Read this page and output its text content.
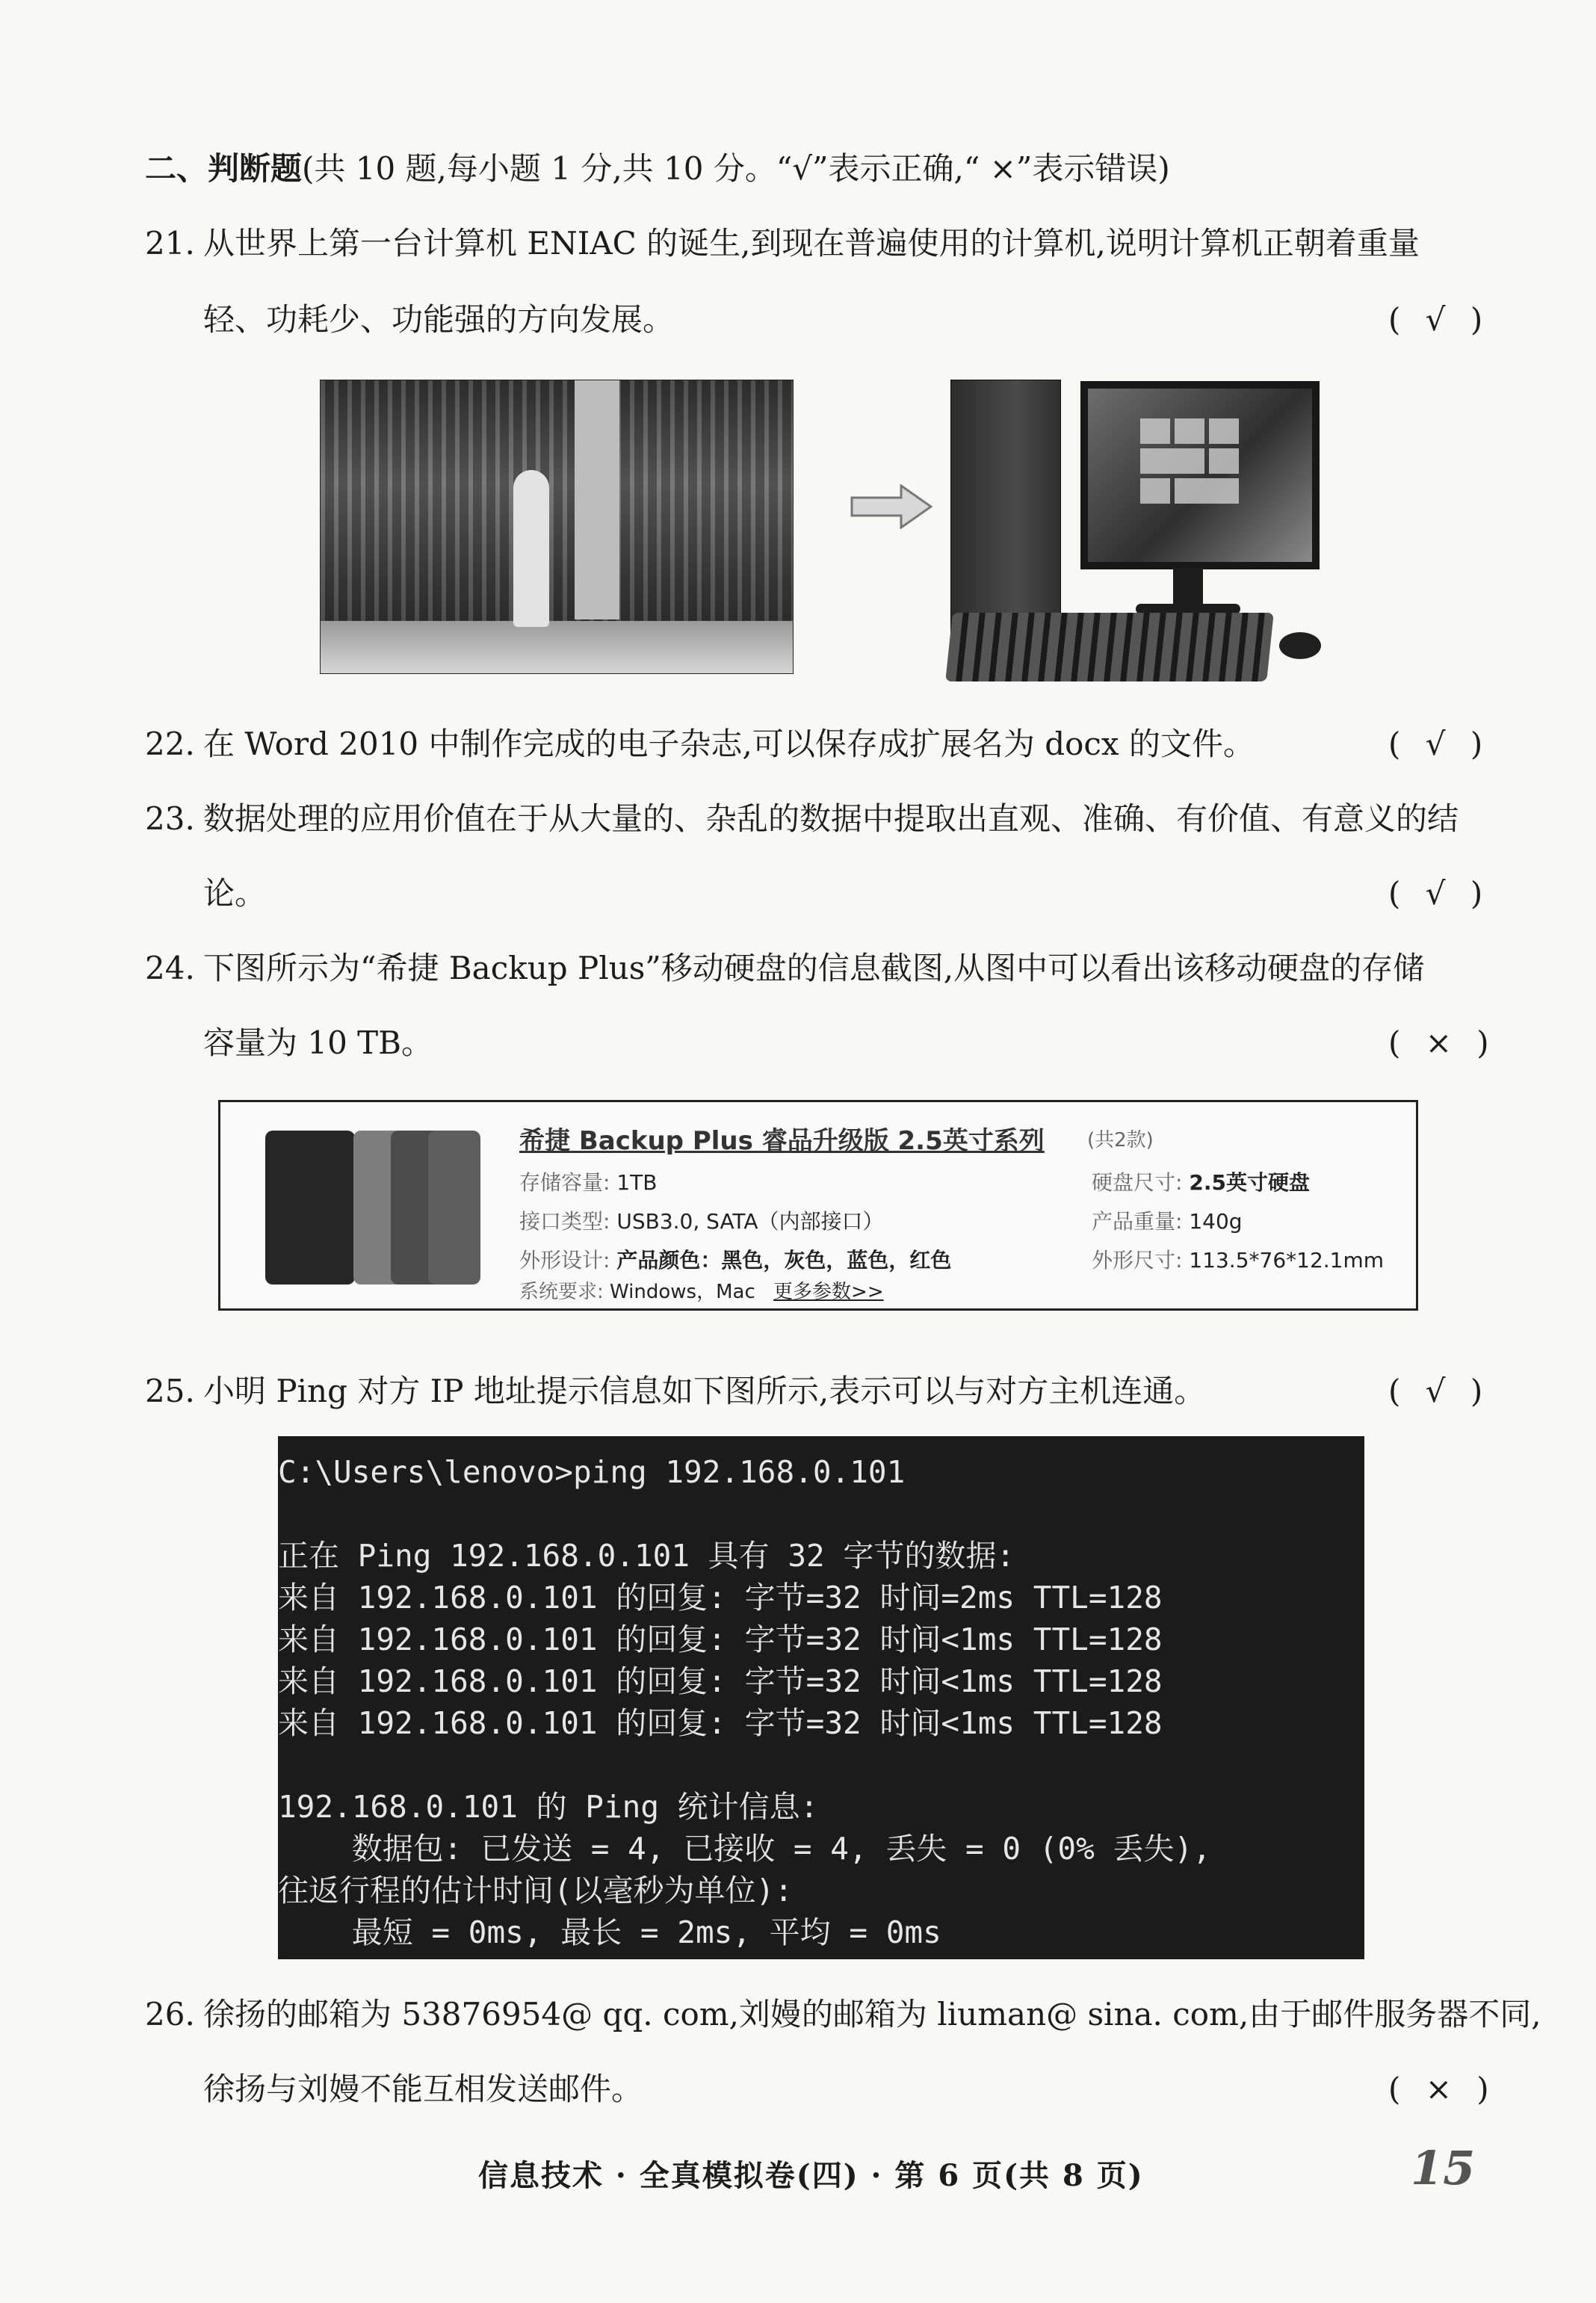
二、判断题(共 10 题,每小题 1 分,共 10 分。“√”表示正确,“ ×”表示错误)
21. 从世界上第一台计算机 ENIAC 的诞生,到现在普遍使用的计算机,说明计算机正朝着重量
轻、功耗少、功能强的方向发展。	( √ )
22. 在 Word 2010 中制作完成的电子杂志,可以保存成扩展名为 docx 的文件。	( √ )
23. 数据处理的应用价值在于从大量的、杂乱的数据中提取出直观、准确、有价值、有意义的结
论。	( √ )
24. 下图所示为“希捷 Backup Plus”移动硬盘的信息截图,从图中可以看出该移动硬盘的存储
容量为 10 TB。	( × )
希捷 Backup Plus 睿品升级版 2.5英寸系列 (共2款)
存储容量: 1TB
接口类型: USB3.0, SATA（内部接口）
外形设计: 产品颜色：黑色，灰色，蓝色，红色
系统要求: Windows，Mac 更多参数>>
硬盘尺寸: 2.5英寸硬盘
产品重量: 140g
外形尺寸: 113.5*76*12.1mm
25. 小明 Ping 对方 IP 地址提示信息如下图所示,表示可以与对方主机连通。	( √ )
C:\Users\lenovo>ping 192.168.0.101
正在 Ping 192.168.0.101 具有 32 字节的数据:
来自 192.168.0.101 的回复: 字节=32 时间=2ms TTL=128
来自 192.168.0.101 的回复: 字节=32 时间<1ms TTL=128
来自 192.168.0.101 的回复: 字节=32 时间<1ms TTL=128
来自 192.168.0.101 的回复: 字节=32 时间<1ms TTL=128
192.168.0.101 的 Ping 统计信息:
数据包: 已发送 = 4, 已接收 = 4, 丢失 = 0 (0% 丢失),
往返行程的估计时间(以毫秒为单位):
最短 = 0ms, 最长 = 2ms, 平均 = 0ms
26. 徐扬的邮箱为 53876954@ qq. com,刘嫚的邮箱为 liuman@ sina. com,由于邮件服务器不同,
徐扬与刘嫚不能互相发送邮件。	( × )
信息技术 · 全真模拟卷(四) · 第 6 页(共 8 页)	15
